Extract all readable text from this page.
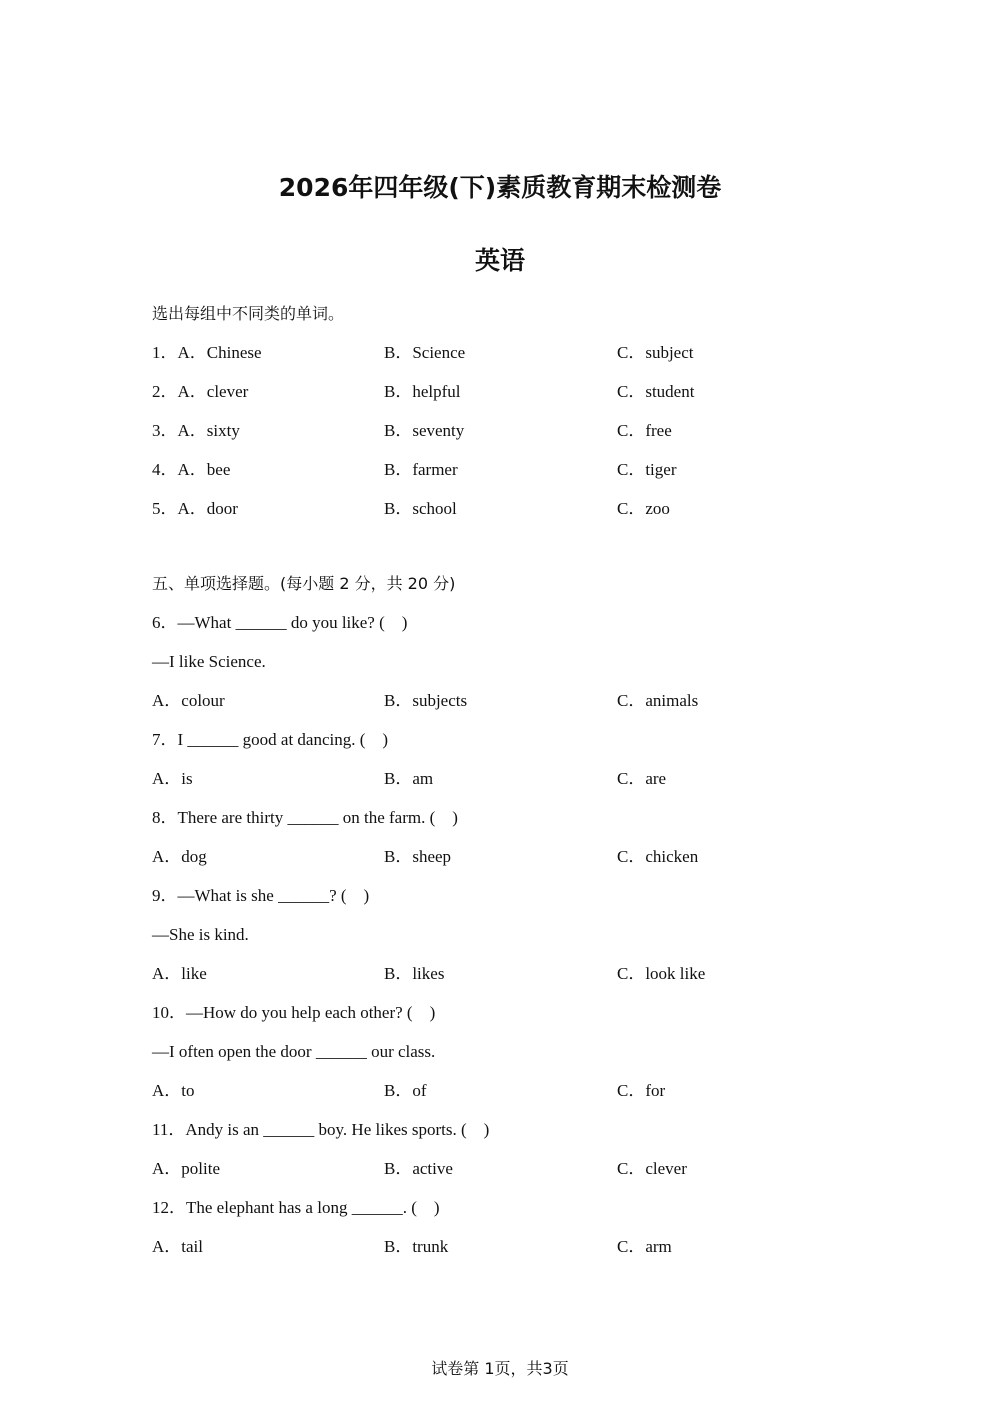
2026年四年级(下)素质教育期末检测卷
英语
选出每组中不同类的单词。
1．A．Chinese	B．Science	C．subject
2．A．clever	B．helpful	C．student
3．A．sixty	B．seventy	C．free
4．A．bee	B．farmer	C．tiger
5．A．door	B．school	C．zoo
五、单项选择题。(每小题 2 分，共 20 分)
6．—What ______ do you like? (    )
—I like Science.
A．colour	B．subjects	C．animals
7．I ______ good at dancing. (    )
A．is	B．am	C．are
8．There are thirty ______ on the farm. (    )
A．dog	B．sheep	C．chicken
9．—What is she ______? (    )
—She is kind.
A．like	B．likes	C．look like
10．—How do you help each other? (    )
—I often open the door ______ our class.
A．to	B．of	C．for
11．Andy is an ______ boy. He likes sports. (    )
A．polite	B．active	C．clever
12．The elephant has a long ______. (    )
A．tail	B．trunk	C．arm
试卷第 1页，共3页
